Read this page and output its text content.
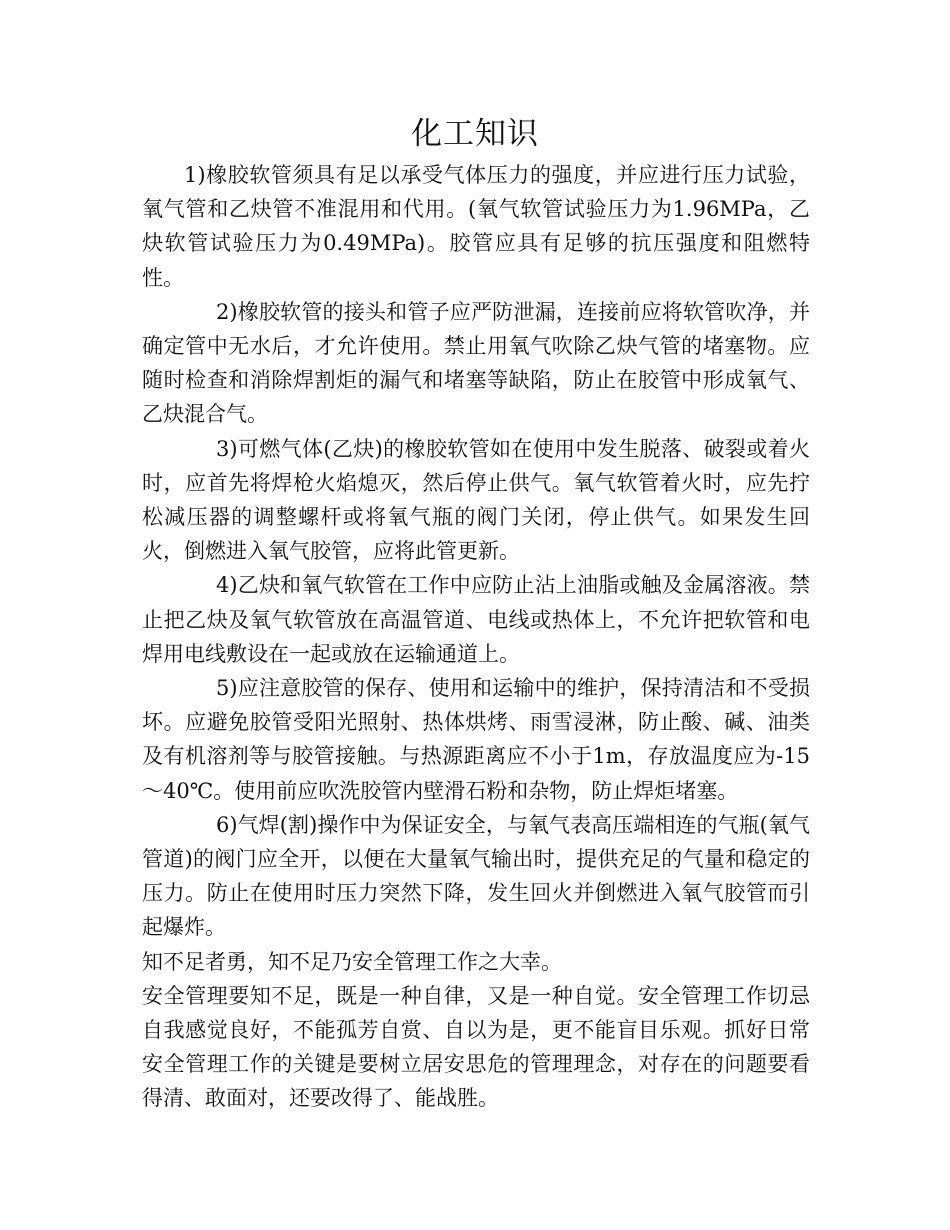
化工知识

1)橡胶软管须具有足以承受气体压力的强度，并应进行压力试验，氧气管和乙炔管不准混用和代用。(氧气软管试验压力为1.96MPa，乙炔软管试验压力为0.49MPa)。胶管应具有足够的抗压强度和阻燃特性。

2)橡胶软管的接头和管子应严防泄漏，连接前应将软管吹净，并确定管中无水后，才允许使用。禁止用氧气吹除乙炔气管的堵塞物。应随时检查和消除焊割炬的漏气和堵塞等缺陷，防止在胶管中形成氧气、乙炔混合气。

3)可燃气体(乙炔)的橡胶软管如在使用中发生脱落、破裂或着火时，应首先将焊枪火焰熄灭，然后停止供气。氧气软管着火时，应先拧松减压器的调整螺杆或将氧气瓶的阀门关闭，停止供气。如果发生回火，倒燃进入氧气胶管，应将此管更新。

4)乙炔和氧气软管在工作中应防止沾上油脂或触及金属溶液。禁止把乙炔及氧气软管放在高温管道、电线或热体上，不允许把软管和电焊用电线敷设在一起或放在运输通道上。

5)应注意胶管的保存、使用和运输中的维护，保持清洁和不受损坏。应避免胶管受阳光照射、热体烘烤、雨雪浸淋，防止酸、碱、油类及有机溶剂等与胶管接触。与热源距离应不小于1m，存放温度应为-15～40℃。使用前应吹洗胶管内壁滑石粉和杂物，防止焊炬堵塞。

6)气焊(割)操作中为保证安全，与氧气表高压端相连的气瓶(氧气管道)的阀门应全开，以便在大量氧气输出时，提供充足的气量和稳定的压力。防止在使用时压力突然下降，发生回火并倒燃进入氧气胶管而引起爆炸。

知不足者勇，知不足乃安全管理工作之大幸。

安全管理要知不足，既是一种自律，又是一种自觉。安全管理工作切忌自我感觉良好，不能孤芳自赏、自以为是，更不能盲目乐观。抓好日常安全管理工作的关键是要树立居安思危的管理理念，对存在的问题要看得清、敢面对，还要改得了、能战胜。
